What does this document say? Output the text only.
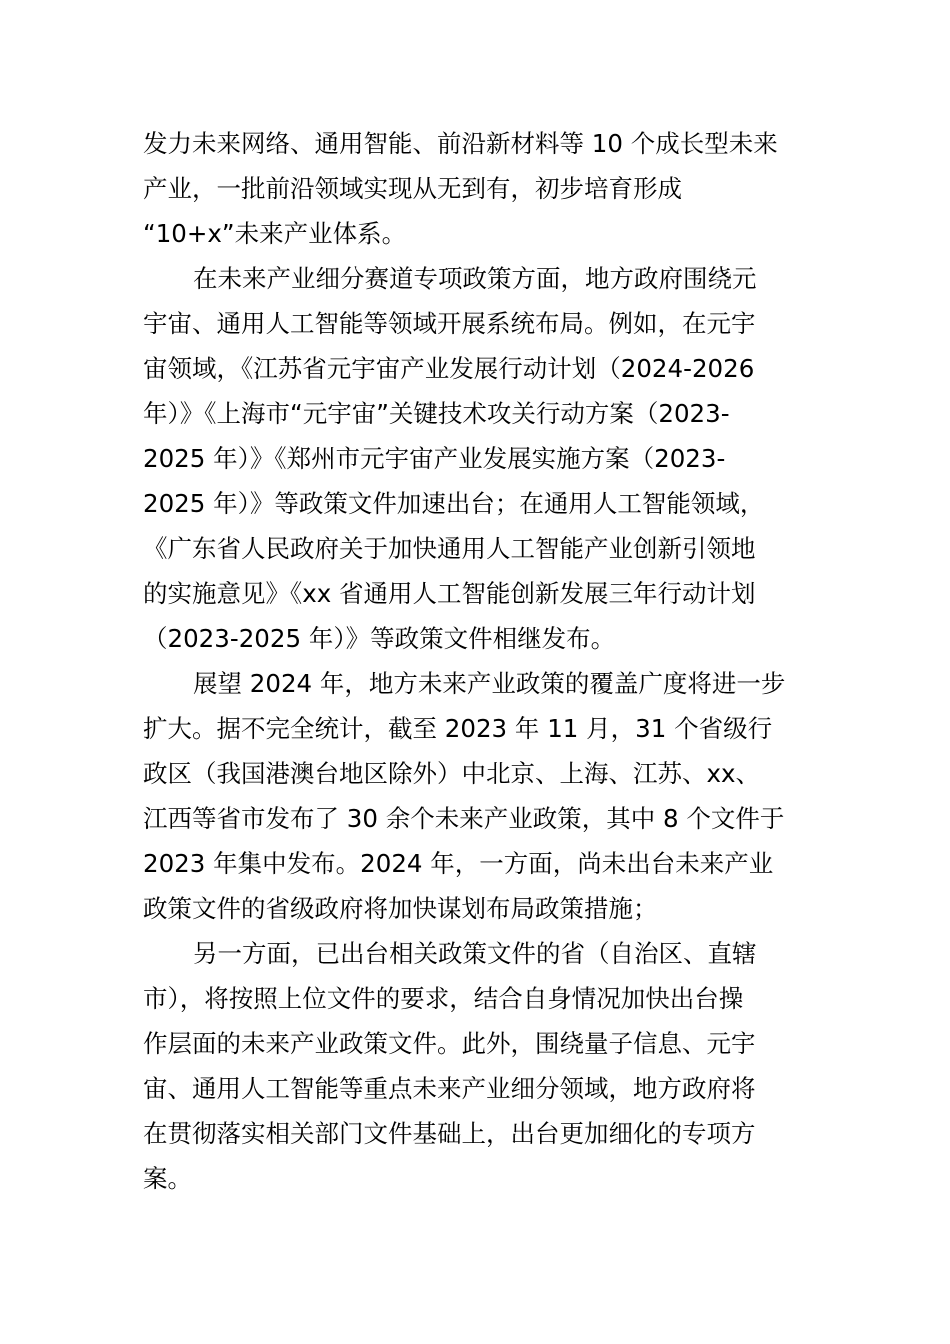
发力未来网络、通用智能、前沿新材料等 10 个成长型未来
产业，一批前沿领域实现从无到有，初步培育形成
“10+x”未来产业体系。
在未来产业细分赛道专项政策方面，地方政府围绕元
宇宙、通用人工智能等领域开展系统布局。例如，在元宇
宙领域，《江苏省元宇宙产业发展行动计划（2024-2026
年）》《上海市“元宇宙”关键技术攻关行动方案（2023-
2025 年）》《郑州市元宇宙产业发展实施方案（2023-
2025 年）》等政策文件加速出台；在通用人工智能领域，
《广东省人民政府关于加快通用人工智能产业创新引领地
的实施意见》《xx 省通用人工智能创新发展三年行动计划
（2023-2025 年）》等政策文件相继发布。
展望 2024 年，地方未来产业政策的覆盖广度将进一步
扩大。据不完全统计，截至 2023 年 11 月，31 个省级行
政区（我国港澳台地区除外）中北京、上海、江苏、xx、
江西等省市发布了 30 余个未来产业政策，其中 8 个文件于
2023 年集中发布。2024 年，一方面，尚未出台未来产业
政策文件的省级政府将加快谋划布局政策措施；
另一方面，已出台相关政策文件的省（自治区、直辖
市），将按照上位文件的要求，结合自身情况加快出台操
作层面的未来产业政策文件。此外，围绕量子信息、元宇
宙、通用人工智能等重点未来产业细分领域，地方政府将
在贯彻落实相关部门文件基础上，出台更加细化的专项方
案。
